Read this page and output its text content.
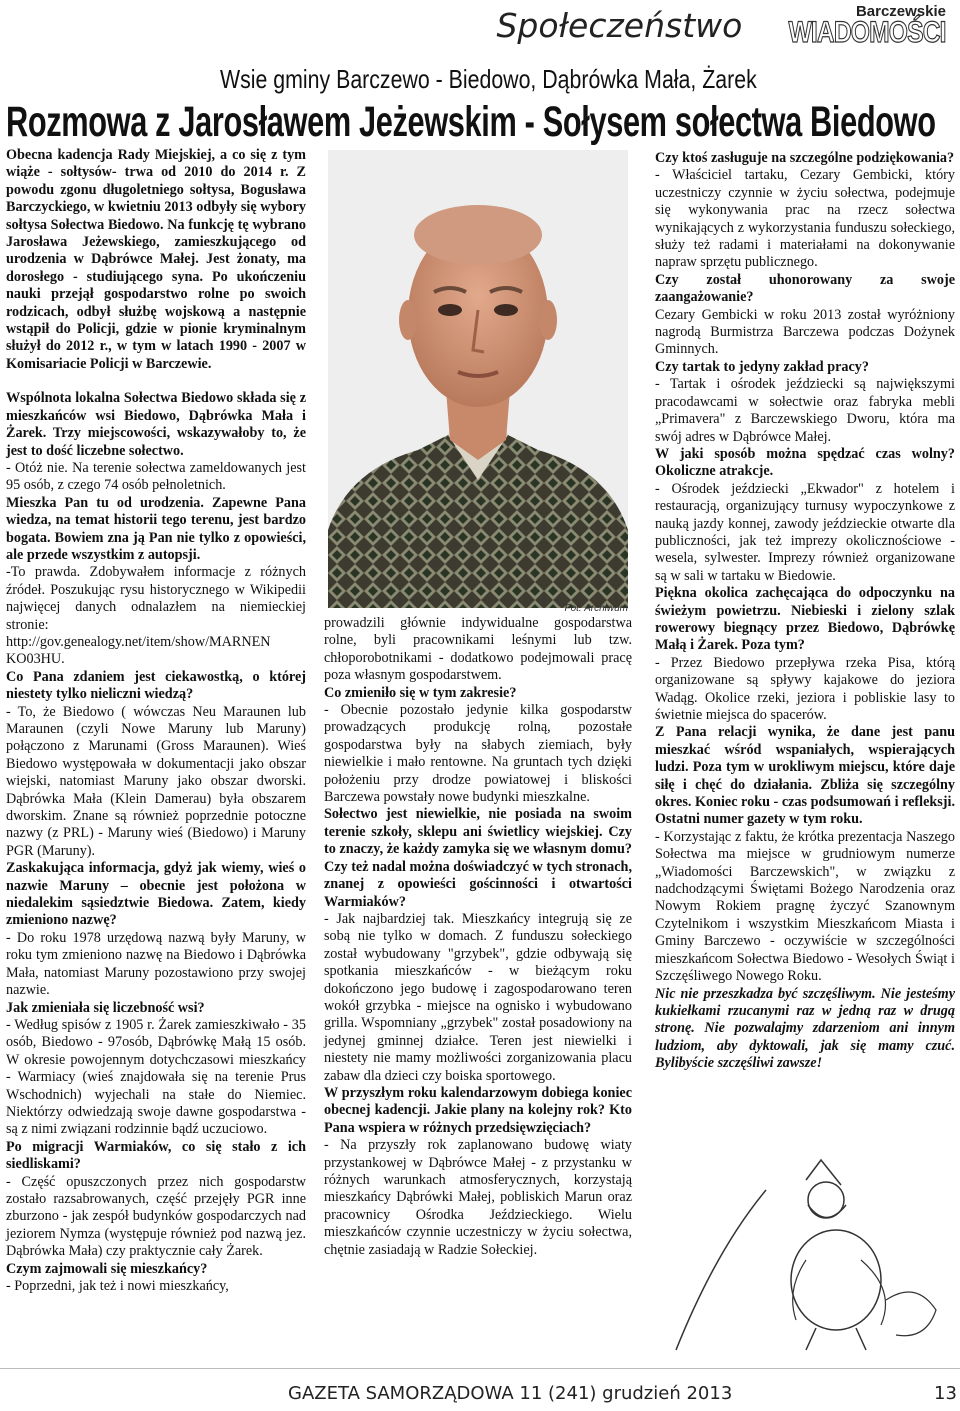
Społeczeństwo	Barczewskie
WIADOMOŚCI
Wsie gminy Barczewo - Biedowo, Dąbrówka Mała, Żarek
Rozmowa z Jarosławem Jeżewskim - Sołysem sołectwa Biedowo

Obecna kadencja Rady Miejskiej, a co się z tym wiąże - sołtysów- trwa od 2010 do 2014 r. Z powodu zgonu długoletniego sołtysa, Bogusława Barczyckiego, w kwietniu 2013 odbyły się wybory sołtysa Sołectwa Biedowo. Na funkcję tę wybrano Jarosława Jeżewskiego, zamieszkującego od urodzenia w Dąbrówce Małej. Jest żonaty, ma dorosłego - studiującego syna. Po ukończeniu nauki przejął gospodarstwo rolne po swoich rodzicach, odbył służbę wojskową a następnie wstąpił do Policji, gdzie w pionie kryminalnym służył do 2012 r., w tym w latach 1990 - 2007 w Komisariacie Policji w Barczewie.

Wspólnota lokalna Sołectwa Biedowo składa się z mieszkańców wsi Biedowo, Dąbrówka Mała i Żarek. Trzy miejscowości, wskazywałoby to, że jest to dość liczebne sołectwo.

- Otóż nie. Na terenie sołectwa zameldowanych jest 95 osób, z czego 74 osób pełnoletnich.

Mieszka Pan tu od urodzenia. Zapewne Pana wiedza, na temat historii tego terenu, jest bardzo bogata. Bowiem zna ją Pan nie tylko z opowieści, ale przede wszystkim z autopsji.

-To prawda. Zdobywałem informacje z różnych źródeł. Poszukując rysu historycznego w Wikipedii najwięcej danych odnalazłem na niemieckiej stronie: http://gov.genealogy.net/item/show/MARNEN KO03HU.

Co Pana zdaniem jest ciekawostką, o której niestety tylko nieliczni wiedzą?

- To, że Biedowo ( wówczas Neu Maraunen lub Maraunen (czyli Nowe Maruny lub Maruny) połączono z Marunami (Gross Maraunen). Wieś Biedowo występowała w dokumentacji jako obszar wiejski, natomiast Maruny jako obszar dworski. Dąbrówka Mała (Klein Damerau) była obszarem dworskim. Znane są również poprzednie potoczne nazwy (z PRL) - Maruny wieś (Biedowo) i Maruny PGR (Maruny).

Zaskakująca informacja, gdyż jak wiemy, wieś o nazwie Maruny – obecnie jest położona w niedalekim sąsiedztwie Biedowa. Zatem, kiedy zmieniono nazwę?

- Do roku 1978 urzędową nazwą były Maruny, w roku tym zmieniono nazwę na Biedowo i Dąbrówka Mała, natomiast Maruny pozostawiono przy swojej nazwie.

Jak zmieniała się liczebność wsi?

- Według spisów z 1905 r. Żarek zamieszkiwało - 35 osób, Biedowo - 97osób, Dąbrówkę Małą 15 osób. W okresie powojennym dotychczasowi mieszkańcy - Warmiacy (wieś znajdowała się na terenie Prus Wschodnich) wyjechali na stałe do Niemiec. Niektórzy odwiedzają swoje dawne gospodarstwa - są z nimi związani rodzinnie bądź uczuciowo.

Po migracji Warmiaków, co się stało z ich siedliskami?

- Część opuszczonych przez nich gospodarstw zostało razsabrowanych, część przejęły PGR inne zburzono - jak zespół budynków gospodarczych nad jeziorem Nymza (występuje również pod nazwą jez. Dąbrówka Mała) czy praktycznie cały Żarek.

Czym zajmowali się mieszkańcy?

- Poprzedni, jak też i nowi mieszkańcy,

Fot. Archiwum

prowadzili głównie indywidualne gospodarstwa rolne, byli pracownikami leśnymi lub tzw. chłoporobotnikami - dodatkowo podejmowali pracę poza własnym gospodarstwem.

Co zmieniło się w tym zakresie?

- Obecnie pozostało jedynie kilka gospodarstw prowadzących produkcję rolną, pozostałe gospodarstwa były na słabych ziemiach, były niewielkie i mało rentowne. Na gruntach tych dzięki położeniu przy drodze powiatowej i bliskości Barczewa powstały nowe budynki mieszkalne.

Sołectwo jest niewielkie, nie posiada na swoim terenie szkoły, sklepu ani świetlicy wiejskiej. Czy to znaczy, że każdy zamyka się we własnym domu? Czy też nadal można doświadczyć w tych stronach, znanej z opowieści gościnności i otwartości Warmiaków?

- Jak najbardziej tak. Mieszkańcy integrują się ze sobą nie tylko w domach. Z funduszu sołeckiego został wybudowany "grzybek", gdzie odbywają się spotkania mieszkańców - w bieżącym roku dokończono jego budowę i zagospodarowano teren wokół grzybka - miejsce na ognisko i wybudowano grilla. Wspomniany „grzybek" został posadowiony na jedynej gminnej działce. Teren jest niewielki i niestety nie mamy możliwości zorganizowania placu zabaw dla dzieci czy boiska sportowego.

W przyszłym roku kalendarzowym dobiega koniec obecnej kadencji. Jakie plany na kolejny rok? Kto Pana wspiera w różnych przedsięwzięciach?

- Na przyszły rok zaplanowano budowę wiaty przystankowej w Dąbrówce Małej - z przystanku w różnych warunkach atmosferycznych, korzystają mieszkańcy Dąbrówki Małej, pobliskich Marun oraz pracownicy Ośrodka Jeździeckiego. Wielu mieszkańców czynnie uczestniczy w życiu sołectwa, chętnie zasiadają w Radzie Sołeckiej.

Czy ktoś zasługuje na szczególne podziękowania?

- Właściciel tartaku, Cezary Gembicki, który uczestniczy czynnie w życiu sołectwa, podejmuje się wykonywania prac na rzecz sołectwa wynikających z wykorzystania funduszu sołeckiego, służy też radami i materiałami na dokonywanie napraw sprzętu publicznego.

Czy został uhonorowany za swoje zaangażowanie?

Cezary Gembicki w roku 2013 został wyróżniony nagrodą Burmistrza Barczewa podczas Dożynek Gminnych.

Czy tartak to jedyny zakład pracy?

- Tartak i ośrodek jeździecki są największymi pracodawcami w sołectwie oraz fabryka mebli „Primavera" z Barczewskiego Dworu, która ma swój adres w Dąbrówce Małej.

W jaki sposób można spędzać czas wolny? Okoliczne atrakcje.

- Ośrodek jeździecki „Ekwador" z hotelem i restauracją, organizujący turnusy wypoczynkowe z nauką jazdy konnej, zawody jeździeckie otwarte dla publiczności, jak też imprezy okolicznościowe - wesela, sylwester. Imprezy również organizowane są w sali w tartaku w Biedowie.

Piękna okolica zachęcająca do odpoczynku na świeżym powietrzu. Niebieski i zielony szlak rowerowy biegnący przez Biedowo, Dąbrówkę Małą i Żarek. Poza tym?

- Przez Biedowo przepływa rzeka Pisa, którą organizowane są spływy kajakowe do jeziora Wadąg. Okolice rzeki, jeziora i pobliskie lasy to świetnie miejsca do spacerów.

Z Pana relacji wynika, że dane jest panu mieszkać wśród wspaniałych, wspierających ludzi. Poza tym w urokliwym miejscu, które daje siłę i chęć do działania. Zbliża się szczególny okres. Koniec roku - czas podsumowań i refleksji. Ostatni numer gazety w tym roku.

- Korzystając z faktu, że krótka prezentacja Naszego Sołectwa ma miejsce w grudniowym numerze „Wiadomości Barczewskich", w związku z nadchodzącymi Świętami Bożego Narodzenia oraz Nowym Rokiem pragnę życzyć Szanownym Czytelnikom i wszystkim Mieszkańcom Miasta i Gminy Barczewo - oczywiście w szczególności mieszkańcom Sołectwa Biedowo - Wesołych Świąt i Szczęśliwego Nowego Roku.

Nic nie przeszkadza być szczęśliwym. Nie jesteśmy kukiełkami rzucanymi raz w jedną raz w drugą stronę. Nie pozwalajmy zdarzeniom ani innym ludziom, aby dyktowali, jak się mamy czuć. Bylibyście szczęśliwi zawsze!

GAZETA SAMORZĄDOWA 11 (241) grudzień 2013	13
